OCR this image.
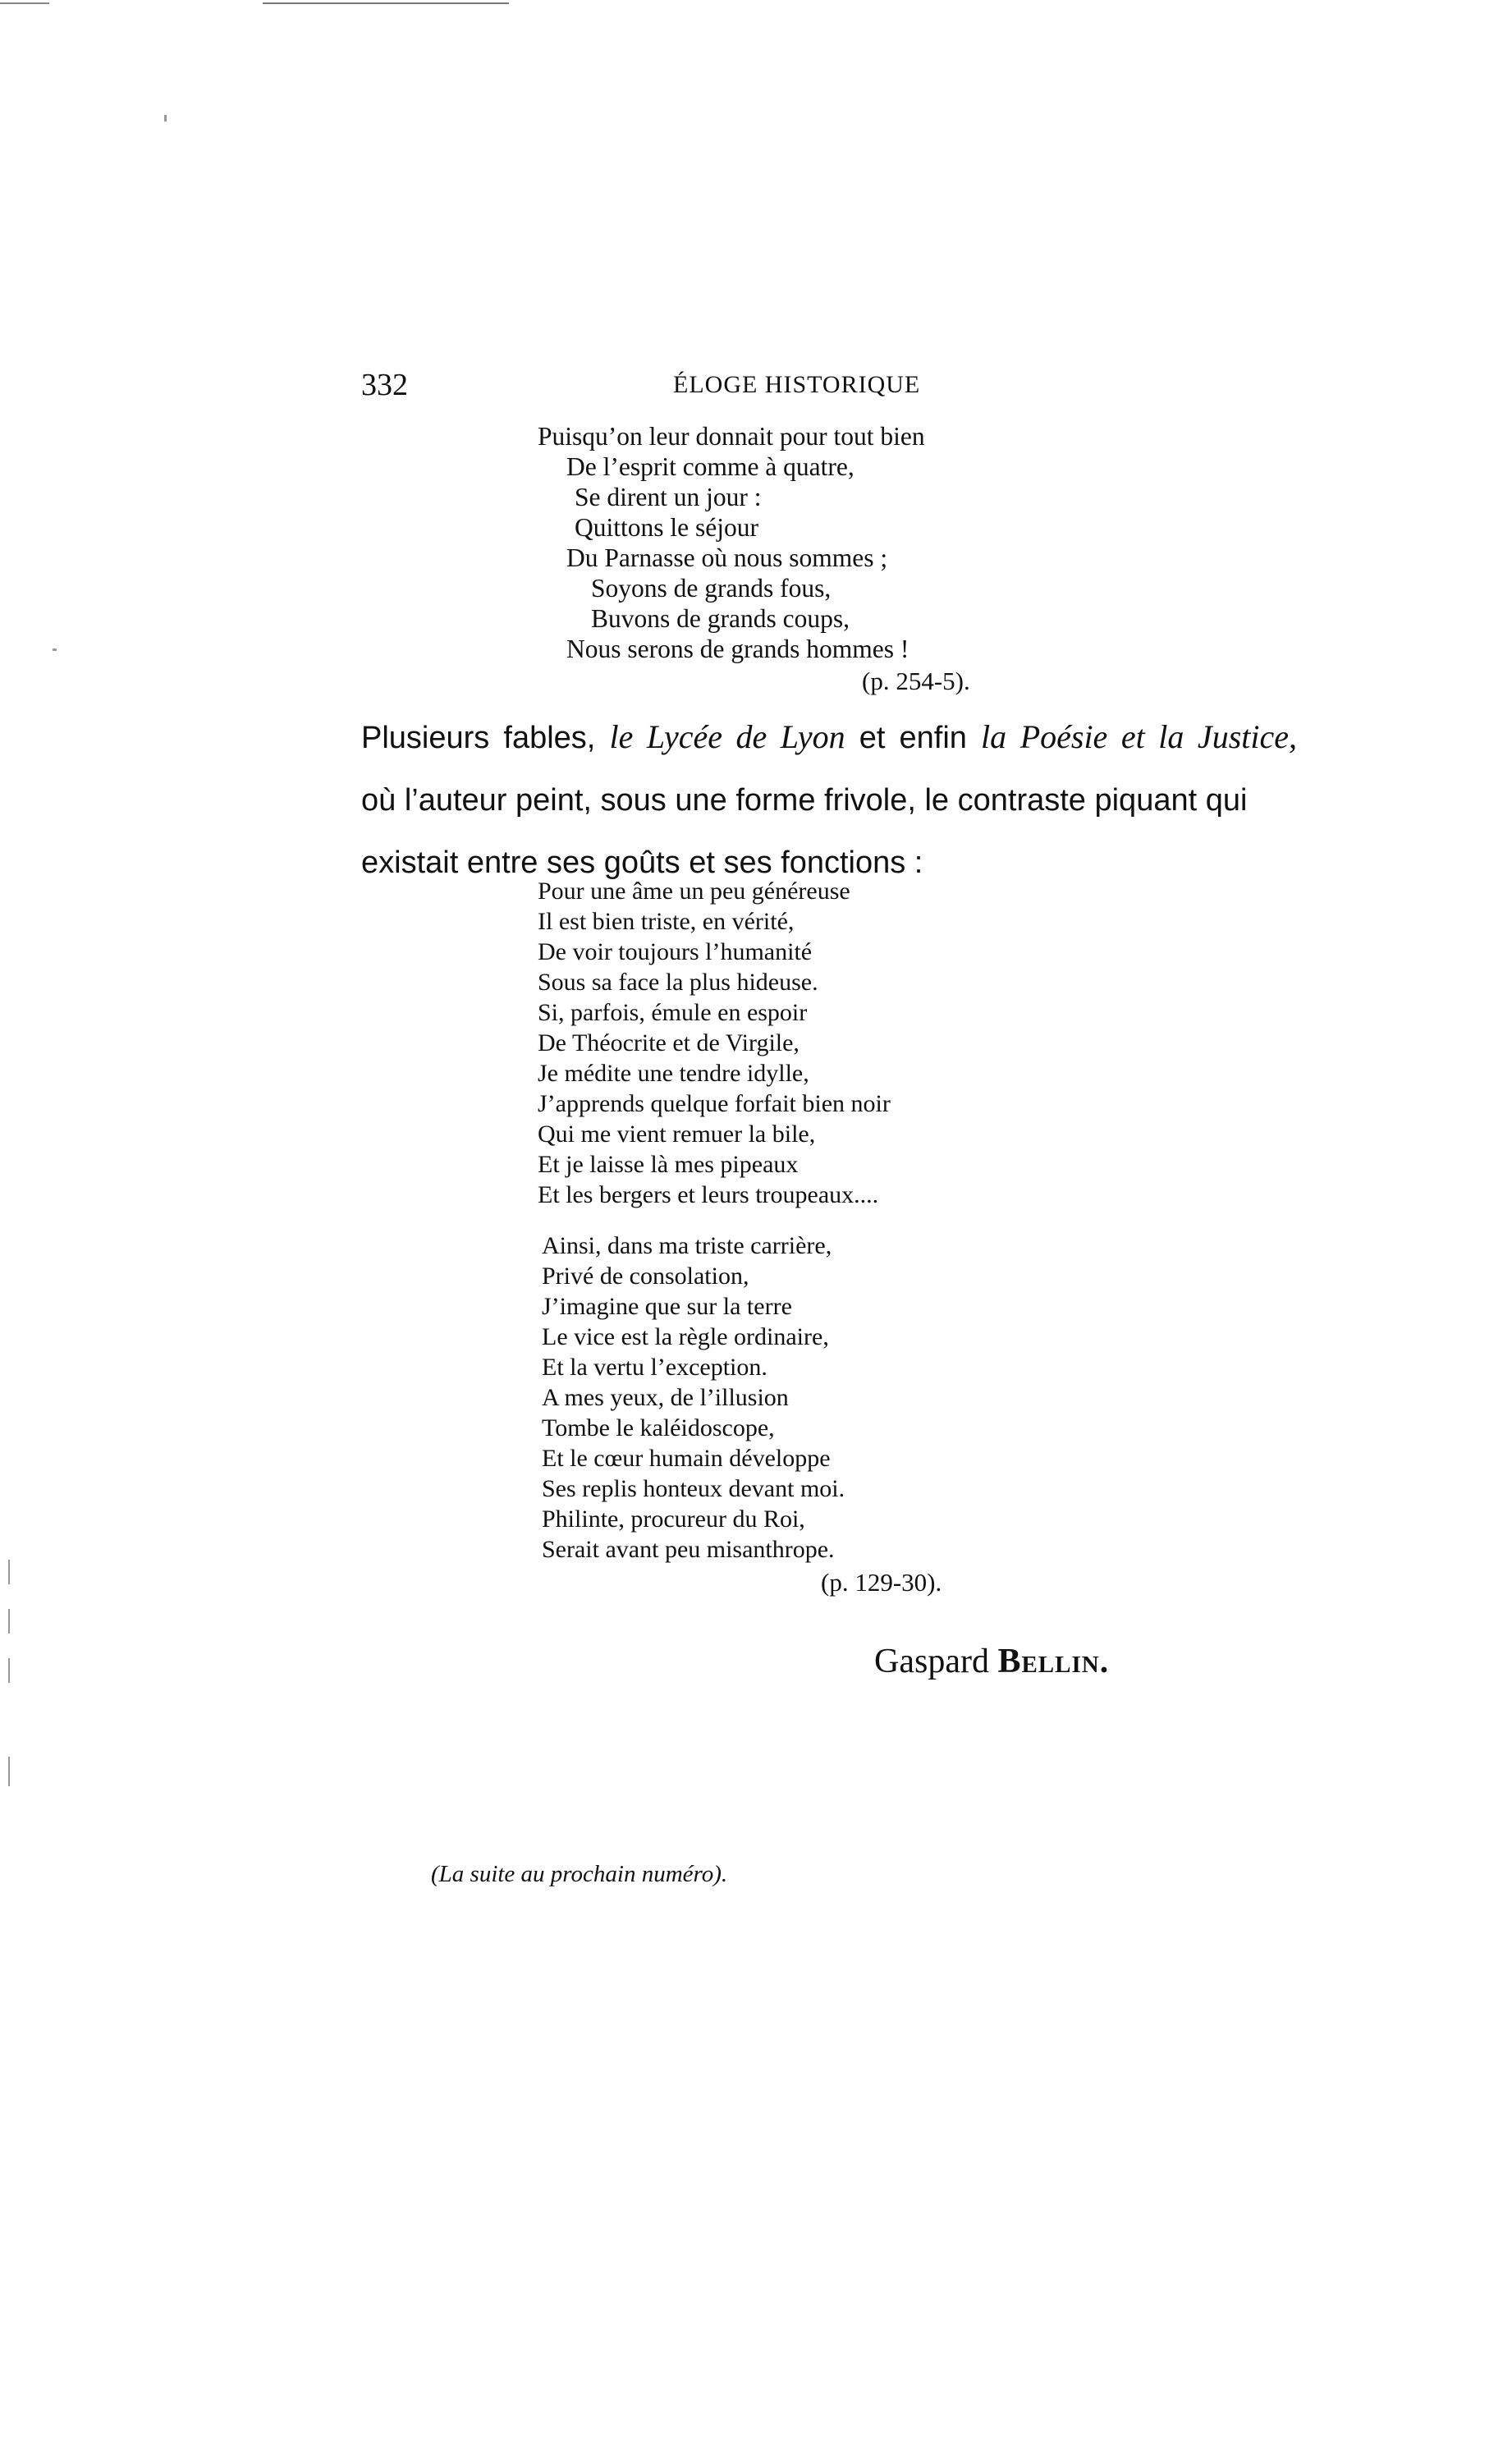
332	ÉLOGE HISTORIQUE
Puisqu’on leur donnait pour tout bien
De l’esprit comme à quatre,
Se dirent un jour :
Quittons le séjour
Du Parnasse où nous sommes ;
Soyons de grands fous,
Buvons de grands coups,
Nous serons de grands hommes !
(p. 254-5).
Plusieurs fables, le Lycée de Lyon et enfin la Poésie et la Justice,
où l’auteur peint, sous une forme frivole, le contraste piquant qui existait entre ses goûts et ses fonctions :
Pour une âme un peu généreuse
Il est bien triste, en vérité,
De voir toujours l’humanité
Sous sa face la plus hideuse.
Si, parfois, émule en espoir
De Théocrite et de Virgile,
Je médite une tendre idylle,
J’apprends quelque forfait bien noir
Qui me vient remuer la bile,
Et je laisse là mes pipeaux
Et les bergers et leurs troupeaux....
Ainsi, dans ma triste carrière,
Privé de consolation,
J’imagine que sur la terre
Le vice est la règle ordinaire,
Et la vertu l’exception.
A mes yeux, de l’illusion
Tombe le kaléidoscope,
Et le cœur humain développe
Ses replis honteux devant moi.
Philinte, procureur du Roi,
Serait avant peu misanthrope.
(p. 129-30).
Gaspard Bellin.
(La suite au prochain numéro).
